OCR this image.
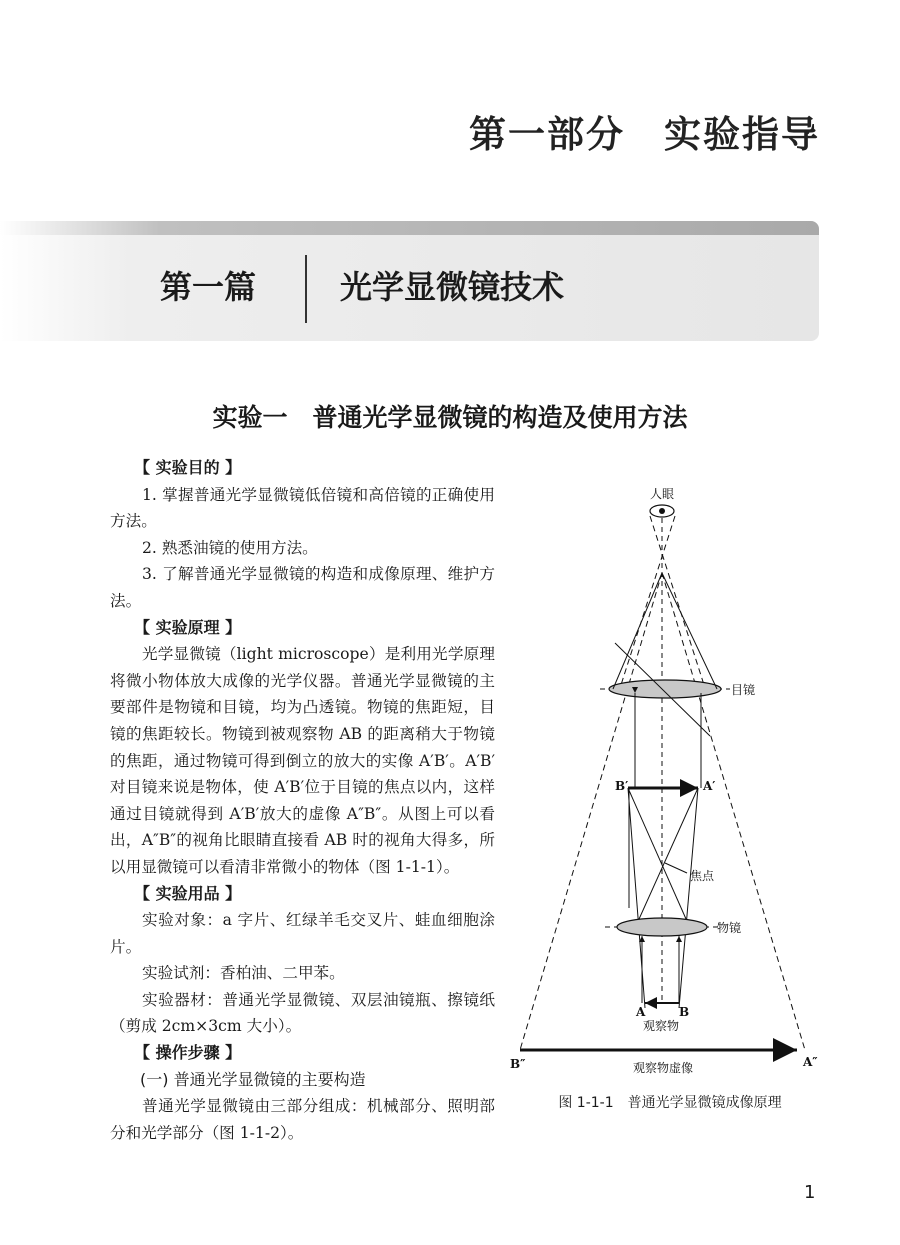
第一部分　实验指导
第一篇	光学显微镜技术
实验一　普通光学显微镜的构造及使用方法

【 实验目的 】

1. 掌握普通光学显微镜低倍镜和高倍镜的正确使用方法。

2. 熟悉油镜的使用方法。

3. 了解普通光学显微镜的构造和成像原理、维护方法。

【 实验原理 】

光学显微镜（light microscope）是利用光学原理将微小物体放大成像的光学仪器。普通光学显微镜的主要部件是物镜和目镜，均为凸透镜。物镜的焦距短，目镜的焦距较长。物镜到被观察物 AB 的距离稍大于物镜的焦距，通过物镜可得到倒立的放大的实像 A′B′。A′B′对目镜来说是物体，使 A′B′位于目镜的焦点以内，这样通过目镜就得到 A′B′放大的虚像 A″B″。从图上可以看出，A″B″的视角比眼睛直接看 AB 时的视角大得多，所以用显微镜可以看清非常微小的物体（图 1-1-1）。

【 实验用品 】

实验对象：a 字片、红绿羊毛交叉片、蛙血细胞涂片。

实验试剂：香柏油、二甲苯。

实验器材：普通光学显微镜、双层油镜瓶、擦镜纸（剪成 2cm×3cm 大小）。

【 操作步骤 】

(一) 普通光学显微镜的主要构造

普通光学显微镜由三部分组成：机械部分、照明部分和光学部分（图 1-1-2）。

人眼
目镜
B′	A′
焦点
物镜
A	B
观察物
B″	A″
观察物虚像
图 1-1-1　普通光学显微镜成像原理
1
